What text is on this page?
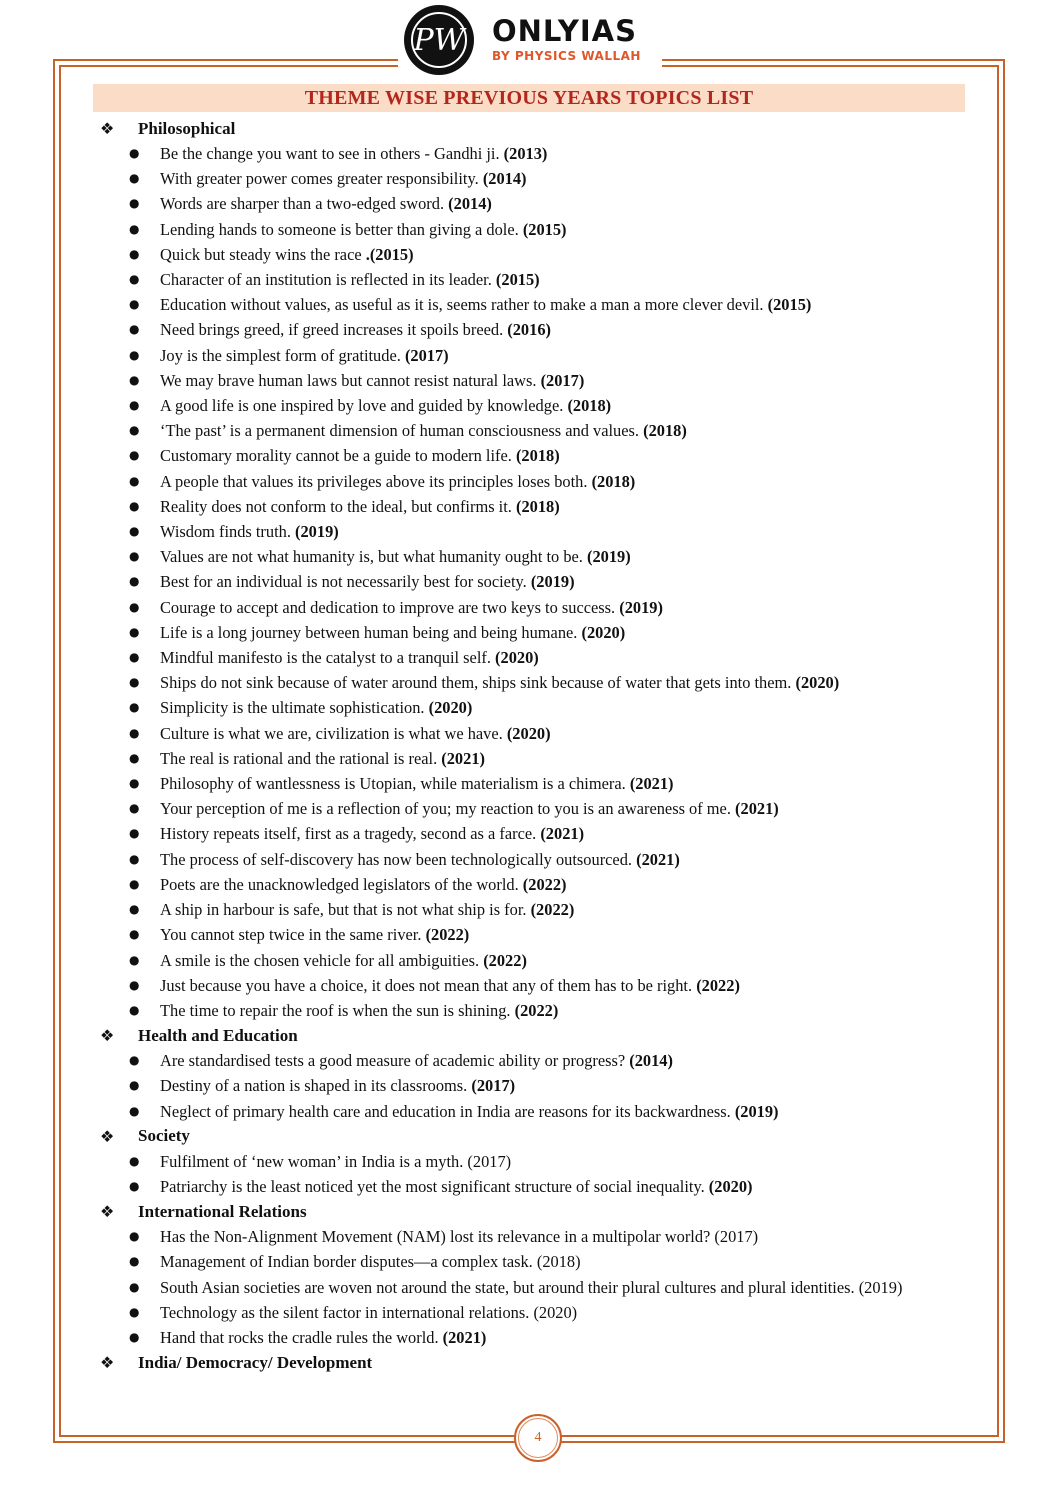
PW ONLYIAS
BY PHYSICS WALLAH
THEME WISE PREVIOUS YEARS TOPICS LIST
❖	Philosophical
● Be the change you want to see in others - Gandhi ji. (2013)
● With greater power comes greater responsibility. (2014)
● Words are sharper than a two-edged sword. (2014)
● Lending hands to someone is better than giving a dole. (2015)
● Quick but steady wins the race .(2015)
● Character of an institution is reflected in its leader. (2015)
● Education without values, as useful as it is, seems rather to make a man a more clever devil. (2015)
● Need brings greed, if greed increases it spoils breed. (2016)
● Joy is the simplest form of gratitude. (2017)
● We may brave human laws but cannot resist natural laws. (2017)
● A good life is one inspired by love and guided by knowledge. (2018)
● ‘The past’ is a permanent dimension of human consciousness and values. (2018)
● Customary morality cannot be a guide to modern life. (2018)
● A people that values its privileges above its principles loses both. (2018)
● Reality does not conform to the ideal, but confirms it. (2018)
● Wisdom finds truth. (2019)
● Values are not what humanity is, but what humanity ought to be. (2019)
● Best for an individual is not necessarily best for society. (2019)
● Courage to accept and dedication to improve are two keys to success. (2019)
● Life is a long journey between human being and being humane. (2020)
● Mindful manifesto is the catalyst to a tranquil self. (2020)
● Ships do not sink because of water around them, ships sink because of water that gets into them. (2020)
● Simplicity is the ultimate sophistication. (2020)
● Culture is what we are, civilization is what we have. (2020)
● The real is rational and the rational is real. (2021)
● Philosophy of wantlessness is Utopian, while materialism is a chimera. (2021)
● Your perception of me is a reflection of you; my reaction to you is an awareness of me. (2021)
● History repeats itself, first as a tragedy, second as a farce. (2021)
● The process of self-discovery has now been technologically outsourced. (2021)
● Poets are the unacknowledged legislators of the world. (2022)
● A ship in harbour is safe, but that is not what ship is for. (2022)
● You cannot step twice in the same river. (2022)
● A smile is the chosen vehicle for all ambiguities. (2022)
● Just because you have a choice, it does not mean that any of them has to be right. (2022)
● The time to repair the roof is when the sun is shining. (2022)
❖	Health and Education
● Are standardised tests a good measure of academic ability or progress? (2014)
● Destiny of a nation is shaped in its classrooms. (2017)
● Neglect of primary health care and education in India are reasons for its backwardness. (2019)
❖	Society
● Fulfilment of ‘new woman’ in India is a myth. (2017)
● Patriarchy is the least noticed yet the most significant structure of social inequality. (2020)
❖	International Relations
● Has the Non-Alignment Movement (NAM) lost its relevance in a multipolar world? (2017)
● Management of Indian border disputes—a complex task. (2018)
● South Asian societies are woven not around the state, but around their plural cultures and plural identities. (2019)
● Technology as the silent factor in international relations. (2020)
● Hand that rocks the cradle rules the world. (2021)
❖	India/ Democracy/ Development
4
